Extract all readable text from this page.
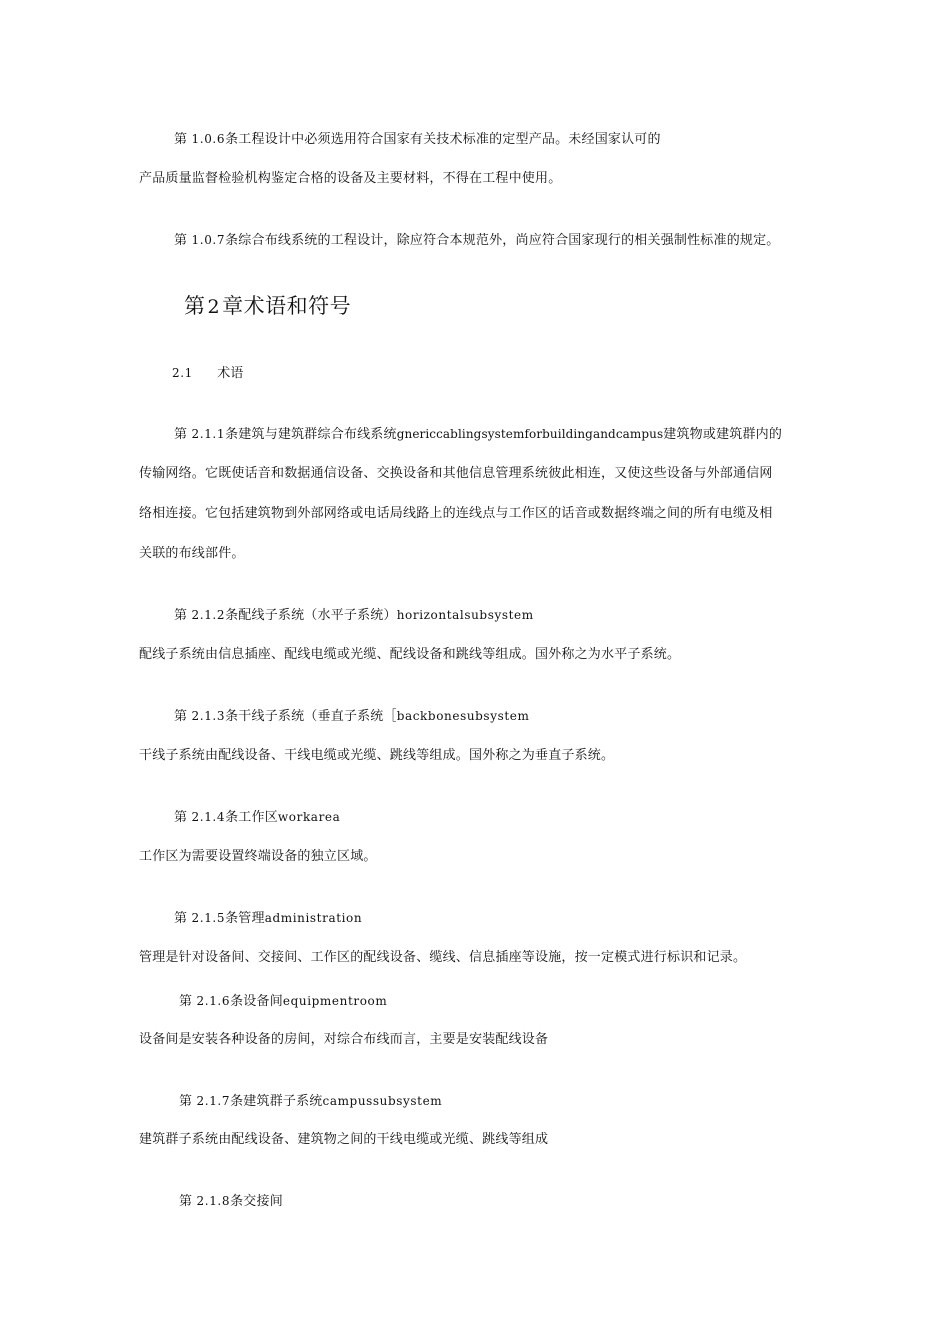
第 1.0.6条工程设计中必须选用符合国家有关技术标准的定型产品。未经国家认可的
产品质量监督检验机构鉴定合格的设备及主要材料，不得在工程中使用。
第 1.0.7条综合布线系统的工程设计，除应符合本规范外，尚应符合国家现行的相关强制性标准的规定。
第 2章术语和符号
2.1 术语
第 2.1.1条建筑与建筑群综合布线系统gnericcablingsystemforbuildingandcampus建筑物或建筑群内的
传输网络。它既使话音和数据通信设备、交换设备和其他信息管理系统彼此相连，又使这些设备与外部通信网
络相连接。它包括建筑物到外部网络或电话局线路上的连线点与工作区的话音或数据终端之间的所有电缆及相
关联的布线部件。
第 2.1.2条配线子系统（水平子系统）horizontalsubsystem
配线子系统由信息插座、配线电缆或光缆、配线设备和跳线等组成。国外称之为水平子系统。
第 2.1.3条干线子系统（垂直子系统［backbonesubsystem
干线子系统由配线设备、干线电缆或光缆、跳线等组成。国外称之为垂直子系统。
第 2.1.4条工作区workarea
工作区为需要设置终端设备的独立区域。
第 2.1.5条管理administration
管理是针对设备间、交接间、工作区的配线设备、缆线、信息插座等设施，按一定模式进行标识和记录。
第 2.1.6条设备间equipmentroom
设备间是安装各种设备的房间，对综合布线而言，主要是安装配线设备
第 2.1.7条建筑群子系统campussubsystem
建筑群子系统由配线设备、建筑物之间的干线电缆或光缆、跳线等组成
第 2.1.8条交接间
